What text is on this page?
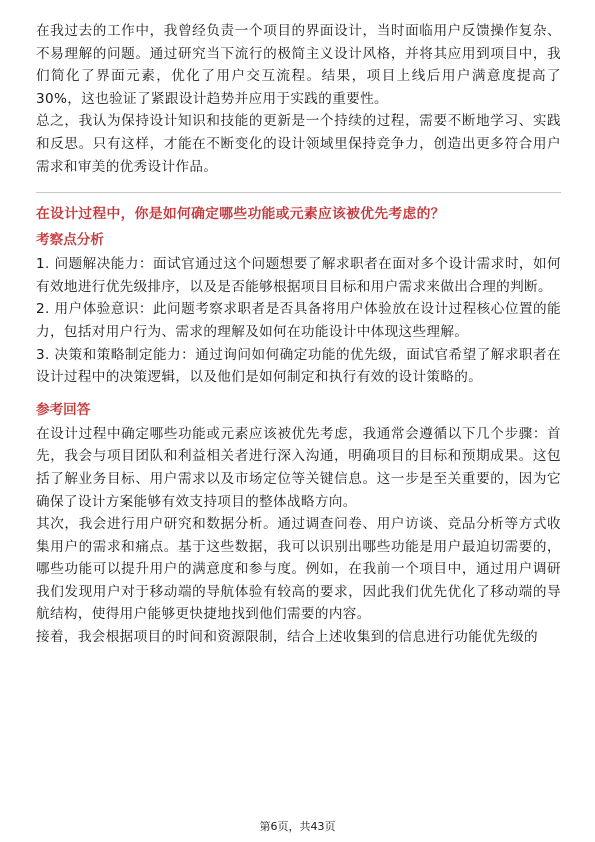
在我过去的工作中，我曾经负责一个项目的界面设计，当时面临用户反馈操作复杂、不易理解的问题。通过研究当下流行的极简主义设计风格，并将其应用到项目中，我们简化了界面元素，优化了用户交互流程。结果，项目上线后用户满意度提高了30%，这也验证了紧跟设计趋势并应用于实践的重要性。

总之，我认为保持设计知识和技能的更新是一个持续的过程，需要不断地学习、实践和反思。只有这样，才能在不断变化的设计领域里保持竞争力，创造出更多符合用户需求和审美的优秀设计作品。

在设计过程中，你是如何确定哪些功能或元素应该被优先考虑的？
考察点分析

1. 问题解决能力：面试官通过这个问题想要了解求职者在面对多个设计需求时，如何有效地进行优先级排序，以及是否能够根据项目目标和用户需求来做出合理的判断。

2. 用户体验意识：此问题考察求职者是否具备将用户体验放在设计过程核心位置的能力，包括对用户行为、需求的理解及如何在功能设计中体现这些理解。

3. 决策和策略制定能力：通过询问如何确定功能的优先级，面试官希望了解求职者在设计过程中的决策逻辑，以及他们是如何制定和执行有效的设计策略的。

参考回答

在设计过程中确定哪些功能或元素应该被优先考虑，我通常会遵循以下几个步骤：首先，我会与项目团队和利益相关者进行深入沟通，明确项目的目标和预期成果。这包括了解业务目标、用户需求以及市场定位等关键信息。这一步是至关重要的，因为它确保了设计方案能够有效支持项目的整体战略方向。

其次，我会进行用户研究和数据分析。通过调查问卷、用户访谈、竞品分析等方式收集用户的需求和痛点。基于这些数据，我可以识别出哪些功能是用户最迫切需要的，哪些功能可以提升用户的满意度和参与度。例如，在我前一个项目中，通过用户调研我们发现用户对于移动端的导航体验有较高的要求，因此我们优先优化了移动端的导航结构，使得用户能够更快捷地找到他们需要的内容。

接着，我会根据项目的时间和资源限制，结合上述收集到的信息进行功能优先级的

第6页，共43页
